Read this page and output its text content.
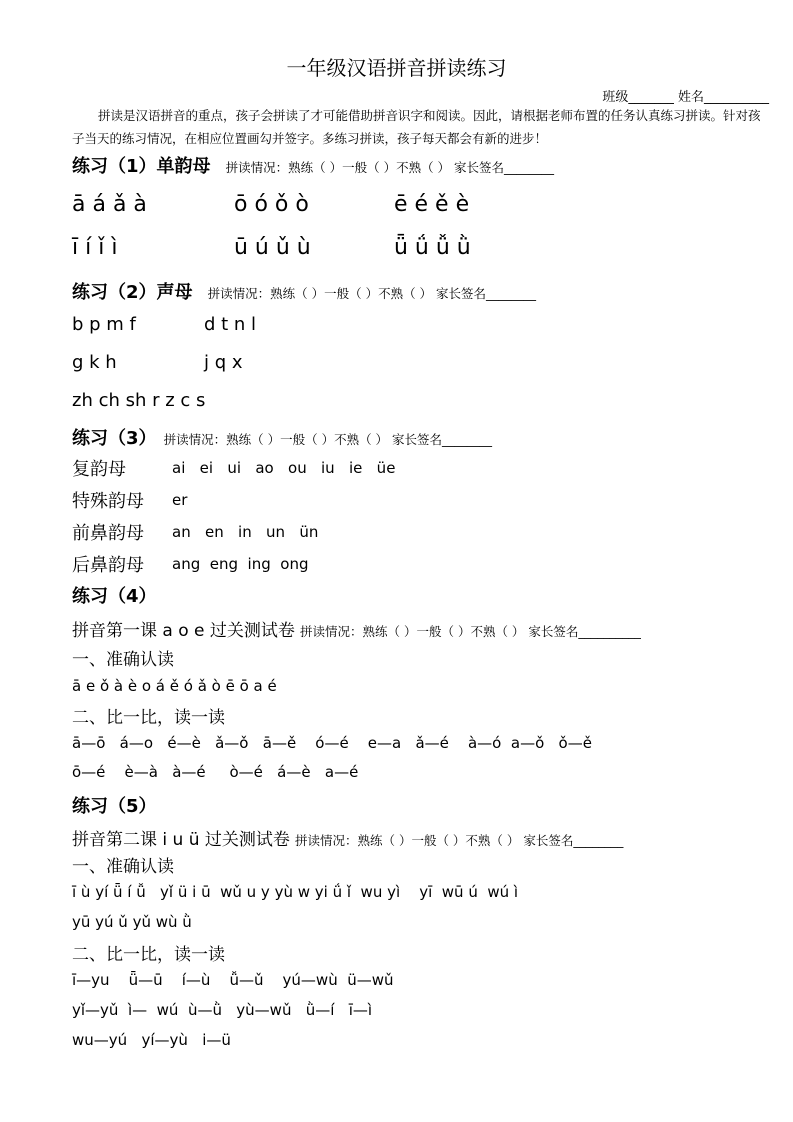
一年级汉语拼音拼读练习
班级_______ 姓名__________
拼读是汉语拼音的重点，孩子会拼读了才可能借助拼音识字和阅读。因此，请根据老师布置的任务认真练习拼读。针对孩子当天的练习情况，在相应位置画勾并签字。多练习拼读，孩子每天都会有新的进步！
练习（1）单韵母 拼读情况：熟练（ ）一般（ ）不熟（ ） 家长签名________
ā á ǎ à	ō ó ǒ ò	ē é ě è
ī í ǐ ì	ū ú ǔ ù	ǖ ǘ ǚ ǜ
练习（2）声母 拼读情况：熟练（ ）一般（ ）不熟（ ） 家长签名________
b p m f	d t n l
g k h	j q x
zh ch sh r z c s
练习（3） 拼读情况：熟练（ ）一般（ ）不熟（ ） 家长签名________
复韵母	ai   ei   ui   ao   ou   iu   ie   üe
特殊韵母 er
前鼻韵母 an   en   in   un   ün
后鼻韵母 ang  eng  ing  ong
练习（4）
拼音第一课 a o e 过关测试卷 拼读情况：熟练（ ）一般（ ）不熟（ ） 家长签名__________
一、准确认读
ā e ǒ à è o á ě ó ǎ ò ē ō a é
二、比一比，读一读
ā—ō   á—o   é—è   ǎ—ǒ   ā—ě    ó—é    e—a   ǎ—é    à—ó  a—ǒ   ǒ—ě
ō—é    è—à   à—é     ò—é   á—è   a—é
练习（5）
拼音第二课 i u ü 过关测试卷 拼读情况：熟练（ ）一般（ ）不熟（ ） 家长签名________
一、准确认读
ī ù yí ǖ í ǚ   yǐ ü i ū  wǔ u y yù w yi ǘ ǐ  wu yì    yī  wū ú  wú ì
yū yú ǔ yǔ wù ǜ
二、比一比，读一读
ī—yu    ǖ—ū    í—ù    ǚ—ǔ    yú—wù  ü—wǔ
yǐ—yǔ  ì—  wú  ù—ǜ   yù—wǔ   ǜ—í   ī—ì
wu—yú   yí—yù   i—ü
